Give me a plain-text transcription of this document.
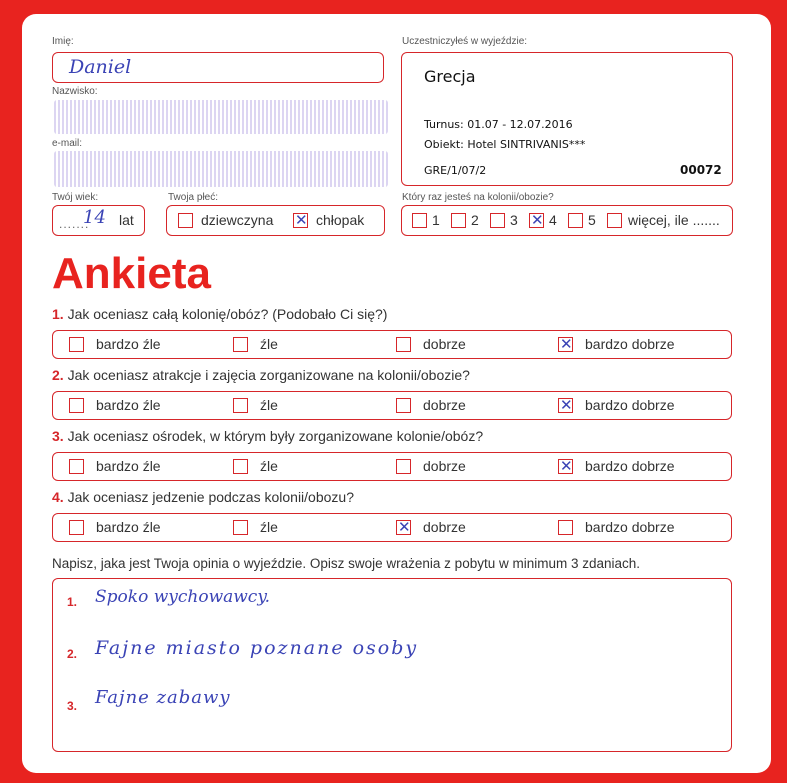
Imię:
Daniel
Nazwisko:
e-mail:
Twój wiek:
.......
14 lat
Twoja płeć:
dziewczyna ✕ chłopak
Uczestniczyłeś w wyjeździe:
Grecja
Turnus: 01.07 - 12.07.2016
Obiekt: Hotel SINTRIVANIS***
GRE/1/07/2	00072
Który raz jesteś na kolonii/obozie?
1 2 3 ✕ 4 5 więcej, ile .......
Ankieta
1. Jak oceniasz całą kolonię/obóz? (Podobało Ci się?)
bardzo źle	źle	dobrze	✕ bardzo dobrze
2. Jak oceniasz atrakcje i zajęcia zorganizowane na kolonii/obozie?
bardzo źle	źle	dobrze	✕ bardzo dobrze
3. Jak oceniasz ośrodek, w którym były zorganizowane kolonie/obóz?
bardzo źle	źle	dobrze	✕ bardzo dobrze
4. Jak oceniasz jedzenie podczas kolonii/obozu?
bardzo źle	źle	✕ dobrze	bardzo dobrze
Napisz, jaka jest Twoja opinia o wyjeździe. Opisz swoje wrażenia z pobytu w minimum 3 zdaniach.
1. Spoko wychowawcy.
2. Fajne miasto poznane osoby
3. Fajne zabawy
